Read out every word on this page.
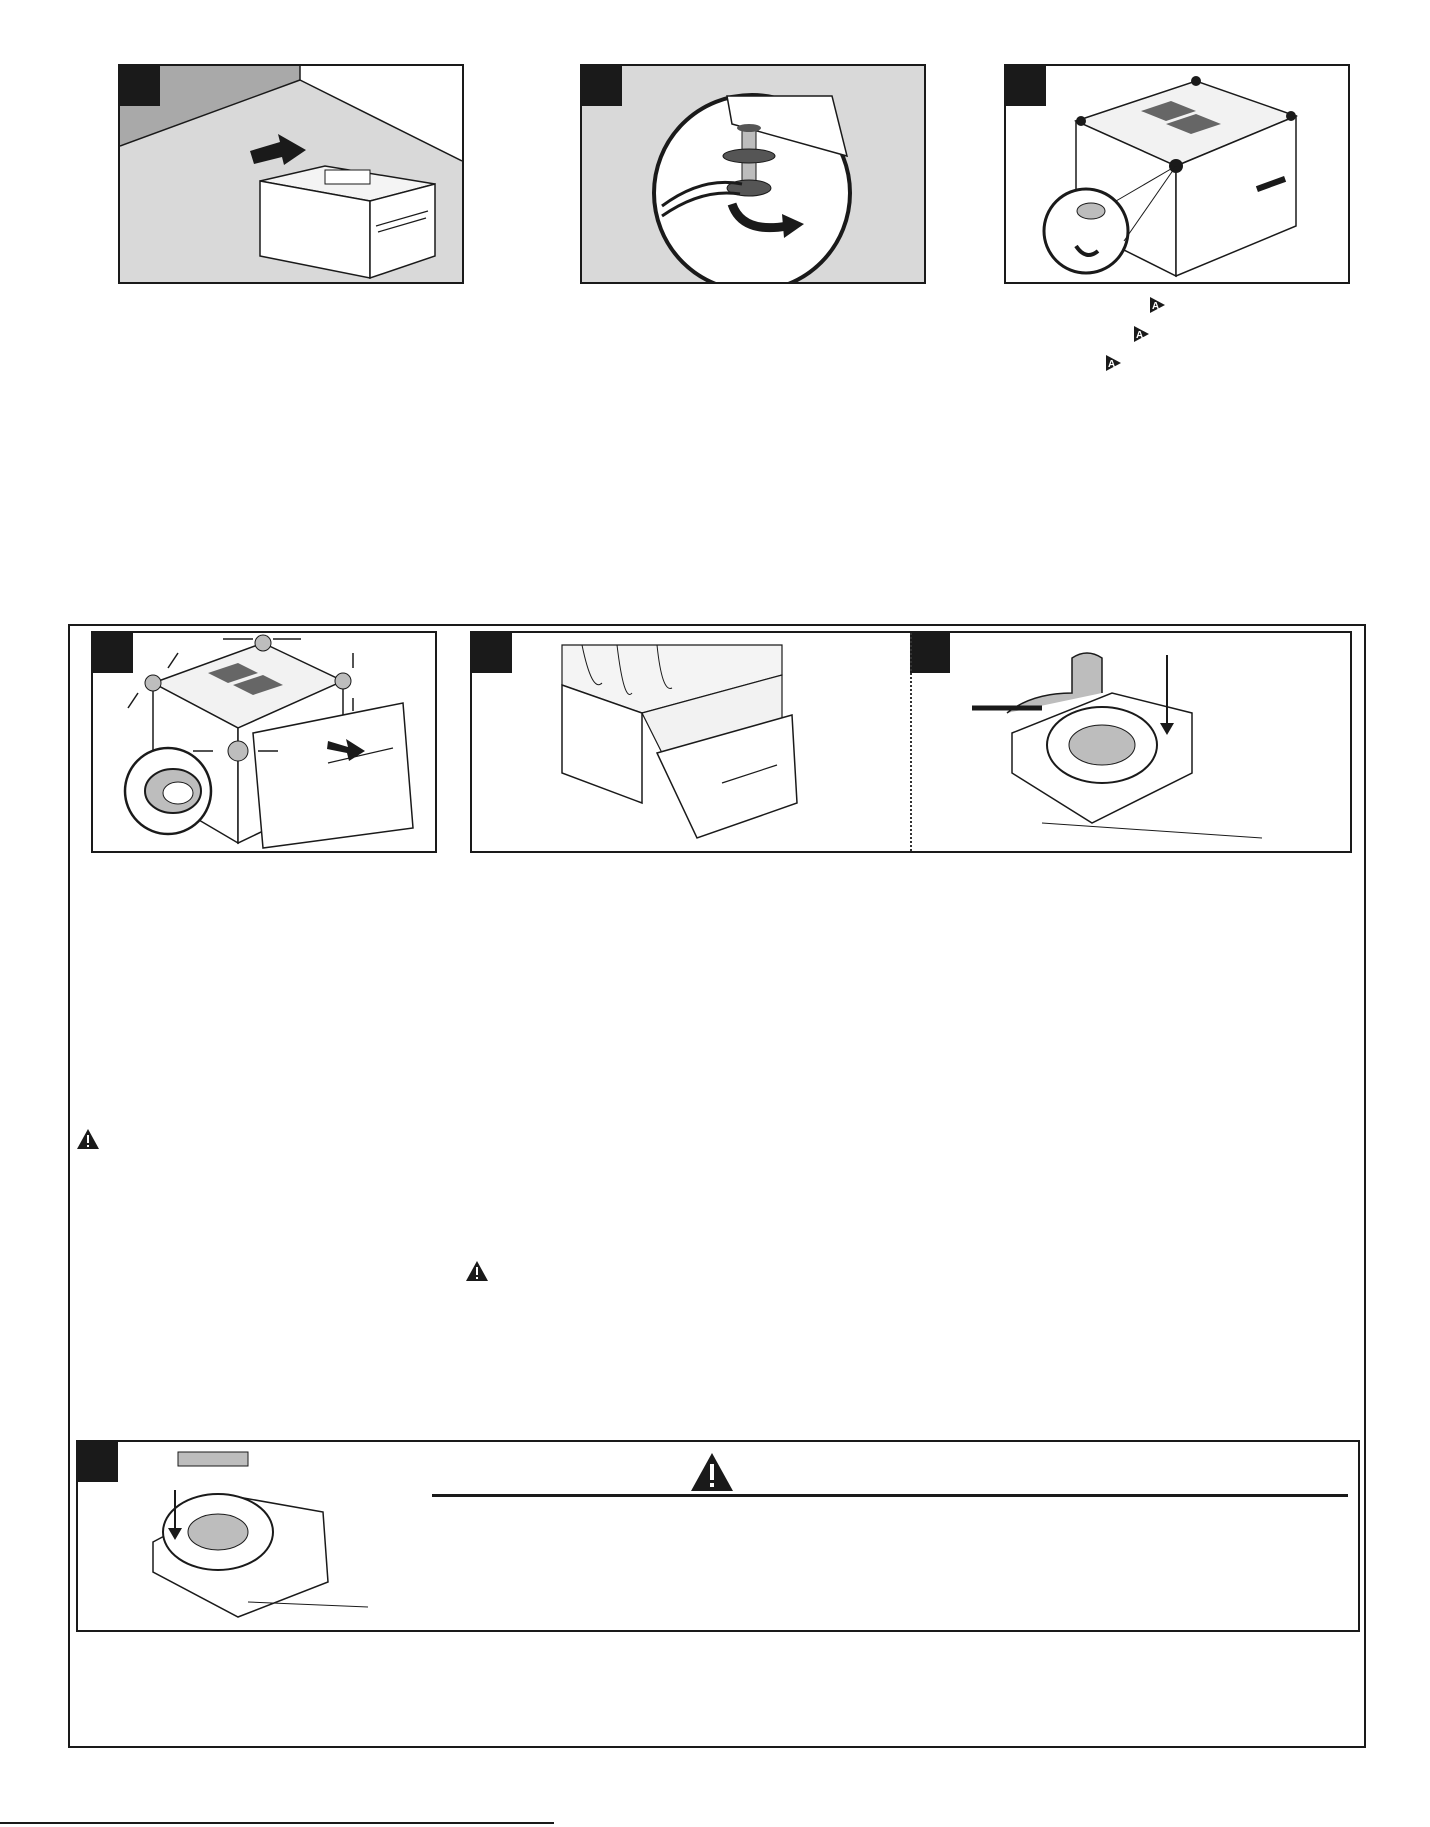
A
A
A
